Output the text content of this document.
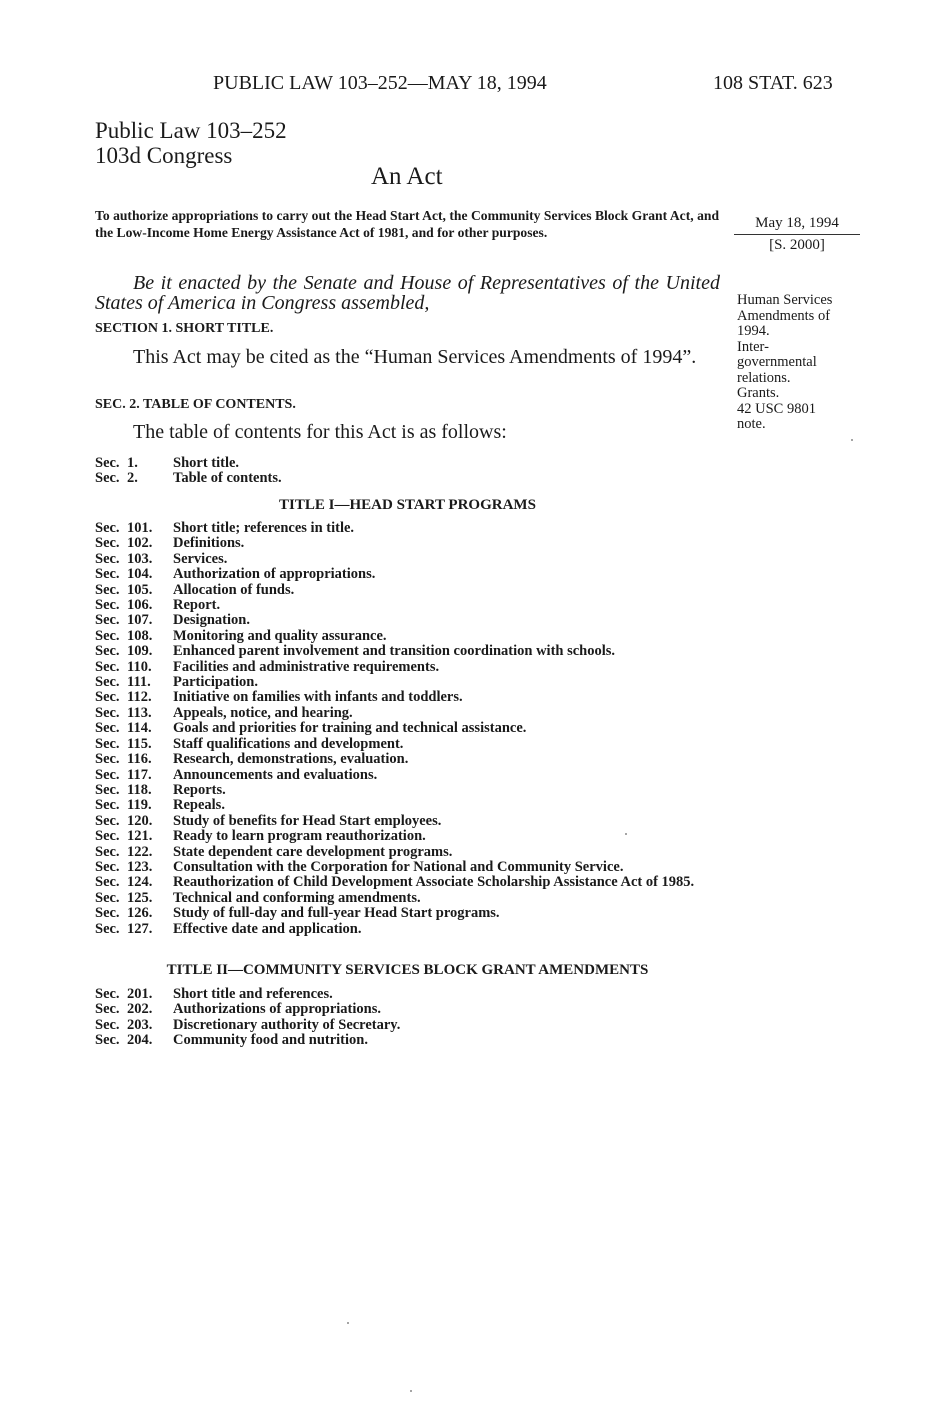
PUBLIC LAW 103–252—MAY 18, 1994	108 STAT. 623
Public Law 103–252
103d Congress
An Act
To authorize appropriations to carry out the Head Start Act, the Community Services Block Grant Act, and the Low-Income Home Energy Assistance Act of 1981, and for other purposes.
May 18, 1994
[S. 2000]
Human Services
Amendments of
1994.
Inter-
governmental
relations.
Grants.
42 USC 9801
note.
Be it enacted by the Senate and House of Representatives of the United States of America in Congress assembled,
SECTION 1. SHORT TITLE.
This Act may be cited as the “Human Services Amendments of 1994”.
SEC. 2. TABLE OF CONTENTS.
The table of contents for this Act is as follows:
Sec. 1.	Short title.
Sec. 2.	Table of contents.
TITLE I—HEAD START PROGRAMS
Sec. 101.	Short title; references in title.
Sec. 102.	Definitions.
Sec. 103.	Services.
Sec. 104.	Authorization of appropriations.
Sec. 105.	Allocation of funds.
Sec. 106.	Report.
Sec. 107.	Designation.
Sec. 108.	Monitoring and quality assurance.
Sec. 109.	Enhanced parent involvement and transition coordination with schools.
Sec. 110.	Facilities and administrative requirements.
Sec. 111.	Participation.
Sec. 112.	Initiative on families with infants and toddlers.
Sec. 113.	Appeals, notice, and hearing.
Sec. 114.	Goals and priorities for training and technical assistance.
Sec. 115.	Staff qualifications and development.
Sec. 116.	Research, demonstrations, evaluation.
Sec. 117.	Announcements and evaluations.
Sec. 118.	Reports.
Sec. 119.	Repeals.
Sec. 120.	Study of benefits for Head Start employees.
Sec. 121.	Ready to learn program reauthorization.
Sec. 122.	State dependent care development programs.
Sec. 123.	Consultation with the Corporation for National and Community Service.
Sec. 124.	Reauthorization of Child Development Associate Scholarship Assistance Act of 1985.
Sec. 125.	Technical and conforming amendments.
Sec. 126.	Study of full-day and full-year Head Start programs.
Sec. 127.	Effective date and application.
TITLE II—COMMUNITY SERVICES BLOCK GRANT AMENDMENTS
Sec. 201.	Short title and references.
Sec. 202.	Authorizations of appropriations.
Sec. 203.	Discretionary authority of Secretary.
Sec. 204.	Community food and nutrition.
